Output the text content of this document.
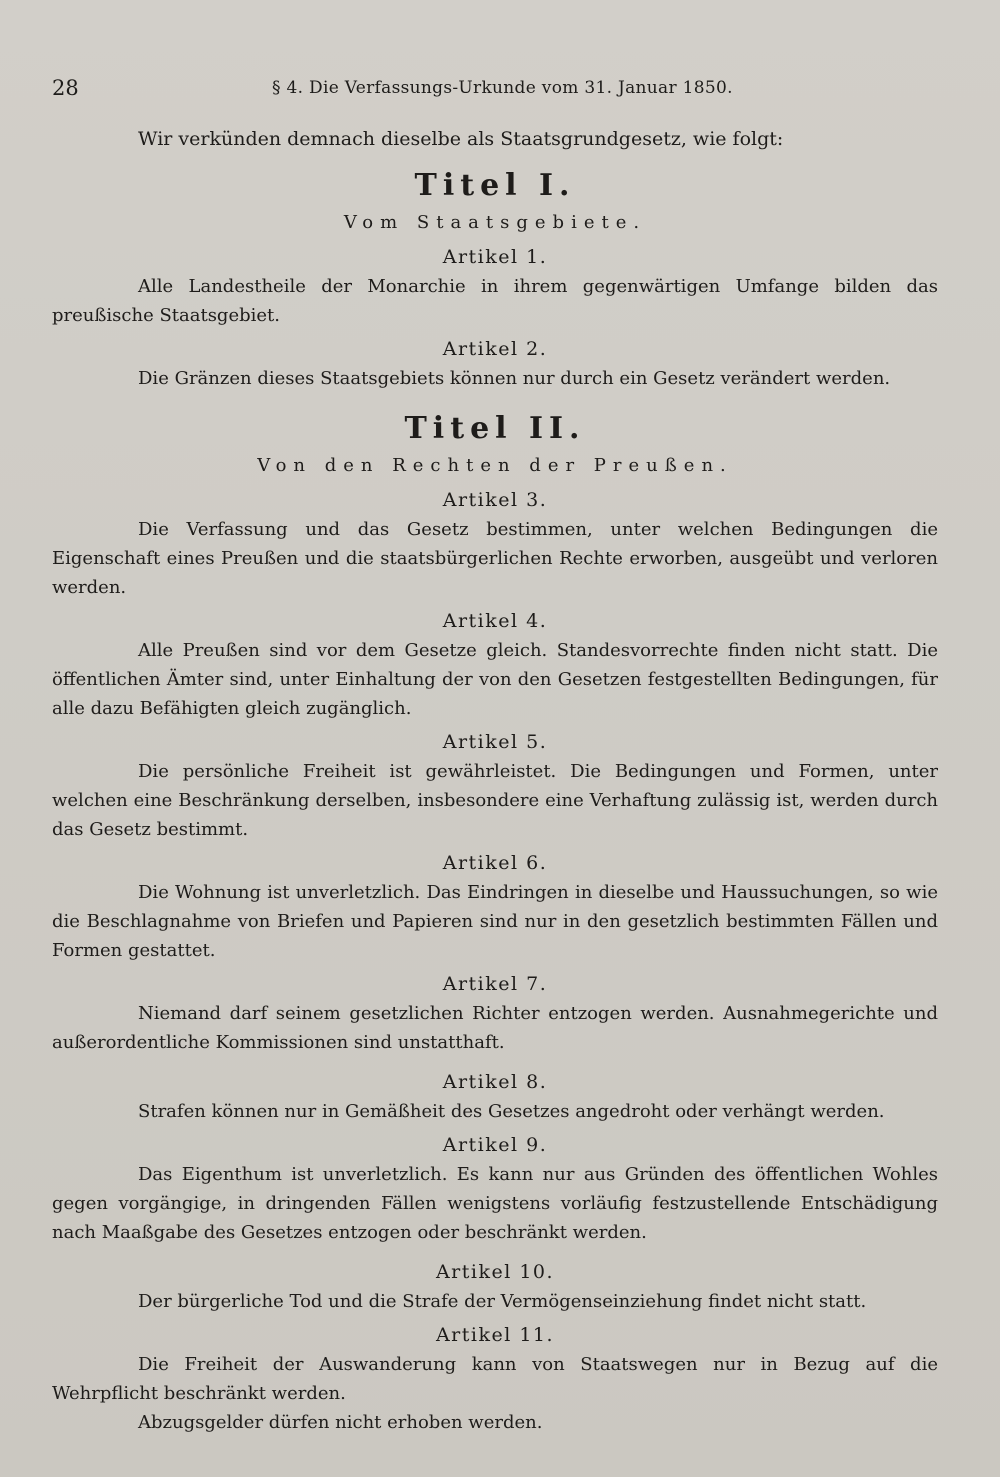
28	§ 4. Die Verfassungs-Urkunde vom 31. Januar 1850.

Wir verkünden demnach dieselbe als Staatsgrundgesetz, wie folgt:

Titel I.
Vom Staatsgebiete.
Artikel 1.

Alle Landestheile der Monarchie in ihrem gegenwärtigen Umfange bilden das preußische Staatsgebiet.

Artikel 2.

Die Gränzen dieses Staatsgebiets können nur durch ein Gesetz verändert werden.

Titel II.
Von den Rechten der Preußen.
Artikel 3.

Die Verfassung und das Gesetz bestimmen, unter welchen Bedingungen die Eigenschaft eines Preußen und die staatsbürgerlichen Rechte erworben, ausgeübt und verloren werden.

Artikel 4.

Alle Preußen sind vor dem Gesetze gleich. Standesvorrechte finden nicht statt. Die öffentlichen Ämter sind, unter Einhaltung der von den Gesetzen festgestellten Bedingungen, für alle dazu Befähigten gleich zugänglich.

Artikel 5.

Die persönliche Freiheit ist gewährleistet. Die Bedingungen und Formen, unter welchen eine Beschränkung derselben, insbesondere eine Verhaftung zulässig ist, werden durch das Gesetz bestimmt.

Artikel 6.

Die Wohnung ist unverletzlich. Das Eindringen in dieselbe und Haussuchungen, so wie die Beschlagnahme von Briefen und Papieren sind nur in den gesetzlich bestimmten Fällen und Formen gestattet.

Artikel 7.

Niemand darf seinem gesetzlichen Richter entzogen werden. Ausnahmegerichte und außerordentliche Kommissionen sind unstatthaft.

Artikel 8.

Strafen können nur in Gemäßheit des Gesetzes angedroht oder verhängt werden.

Artikel 9.

Das Eigenthum ist unverletzlich. Es kann nur aus Gründen des öffentlichen Wohles gegen vorgängige, in dringenden Fällen wenigstens vorläufig festzustellende Entschädigung nach Maaßgabe des Gesetzes entzogen oder beschränkt werden.

Artikel 10.

Der bürgerliche Tod und die Strafe der Vermögenseinziehung findet nicht statt.

Artikel 11.

Die Freiheit der Auswanderung kann von Staatswegen nur in Bezug auf die Wehrpflicht beschränkt werden.

Abzugsgelder dürfen nicht erhoben werden.
